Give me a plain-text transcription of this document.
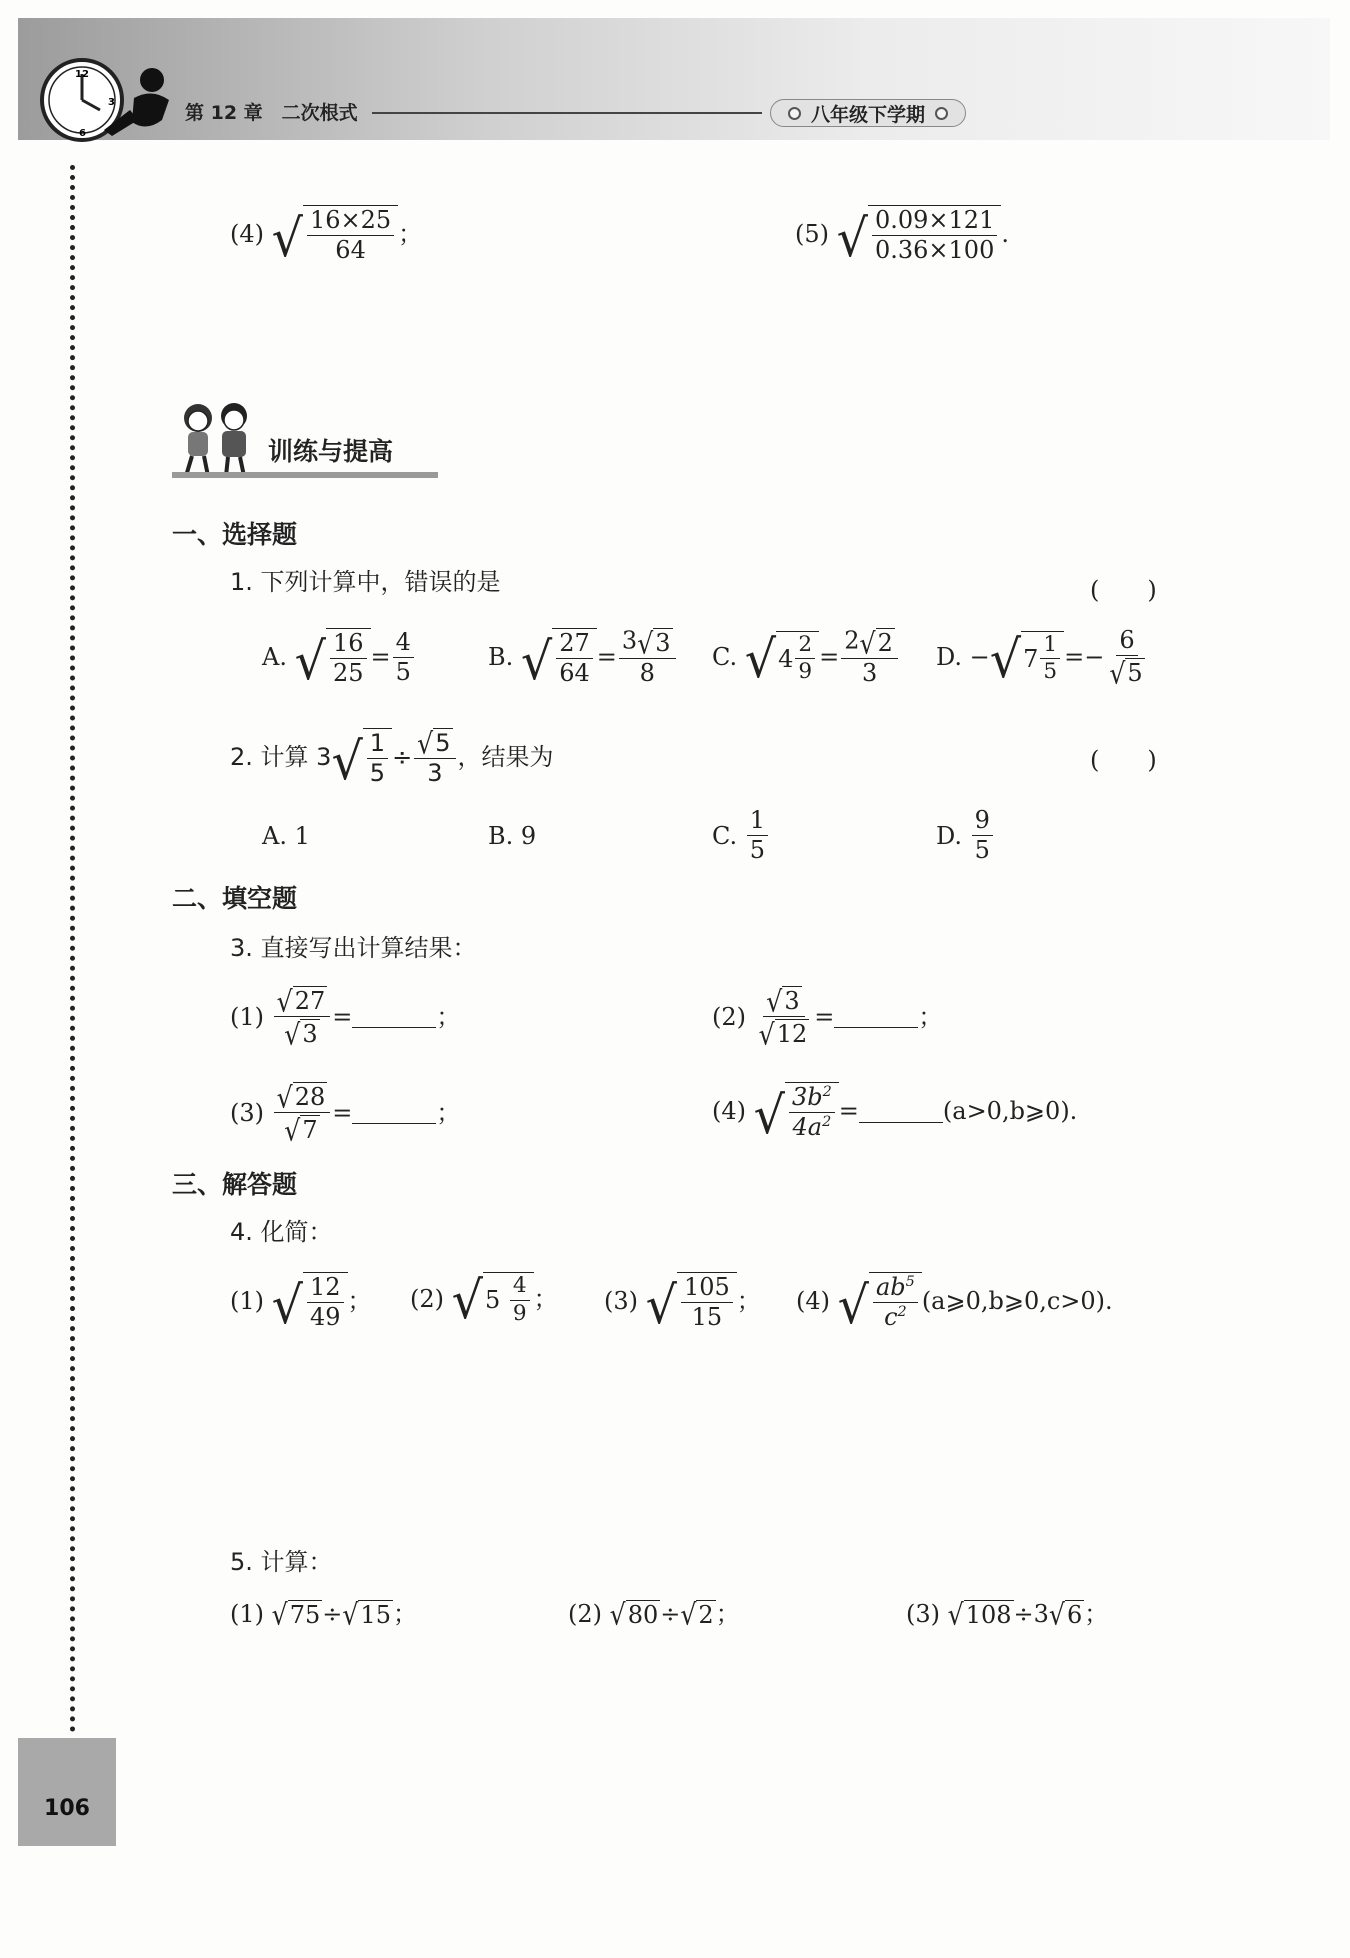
12
3
6
第 12 章　二次根式	八年级下学期
106
(4)
√ $\frac{16\times 25}{64}$ ；	(5)
√ $\frac{0.09\times 121}{0.36\times 100}$ .
训练与提高
一、选择题
1. 下列计算中，错误的是	(　　)
A.
√ $\frac{16}{25} = \frac{4}{5}$	B.
√ $\frac{27}{64} = \frac{3 √ 3}{8} C$.
√ $4 \frac{2}{9} = \frac{2 √ 2}{3} D$.
− √ $7 \frac{1}{5} =- \frac{6}{√ 5}$
2. 计算 3 √ $\frac{1}{5} \div \frac{√ 5}{3}$ ，结果为	(　　)
A. 1	B. 9	C.
$\frac{1}{5}$	D.
$\frac{9}{5}$
二、填空题
3. 直接写出计算结果：
(1)
$\frac{√ 27}{√ 3}$ =	；	(2)
$\frac{√ 3}{√ 12}$ =	；
(3)
$\frac{√ 28}{√ 7}$ =	；	(4)
√ $\frac{3b^2}{4a^2}$ =	(a>0,b⩾0).
三、解答题
4. 化简：
(1)
√ $\frac{12}{49}$ ； (2)
√ 5
$\frac{4}{9}$ ； (3)
√ $\frac{105}{15}$ ； (4)
√ $\frac{ab^5}{c^2}$ (a⩾0,b⩾0,c>0).
5. 计算：
(1)
√ 75 ÷ √ 15 ；	(2)
√ 80 ÷ √ 2 ；	(3)
√ 108 ÷3 √ 6 ；
